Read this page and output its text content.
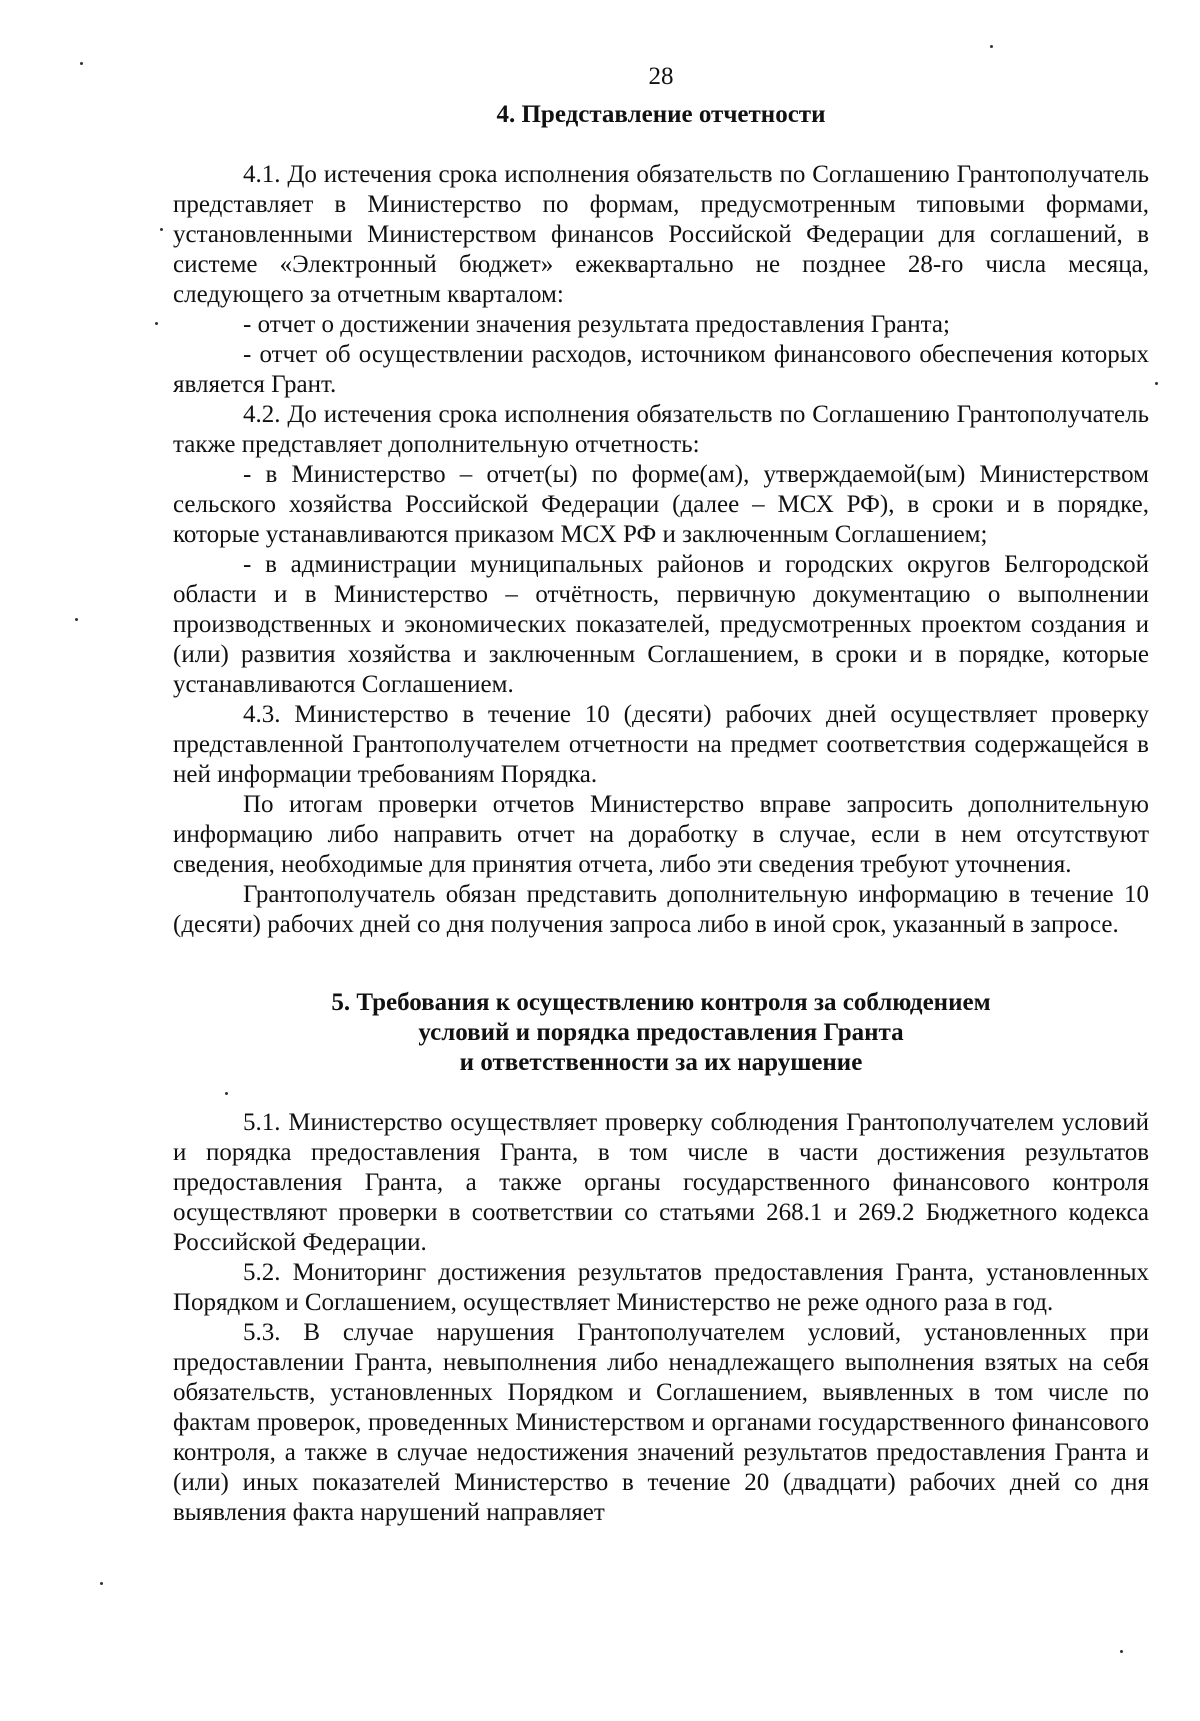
28
4. Представление отчетности

4.1. До истечения срока исполнения обязательств по Соглашению Грантополучатель представляет в Министерство по формам, предусмотренным типовыми формами, установленными Министерством финансов Российской Федерации для соглашений, в системе «Электронный бюджет» ежеквартально не позднее 28-го числа месяца, следующего за отчетным кварталом:

- отчет о достижении значения результата предоставления Гранта;

- отчет об осуществлении расходов, источником финансового обеспечения которых является Грант.

4.2. До истечения срока исполнения обязательств по Соглашению Грантополучатель также представляет дополнительную отчетность:

- в Министерство – отчет(ы) по форме(ам), утверждаемой(ым) Министерством сельского хозяйства Российской Федерации (далее – МСХ РФ), в сроки и в порядке, которые устанавливаются приказом МСХ РФ и заключенным Соглашением;

- в администрации муниципальных районов и городских округов Белгородской области и в Министерство – отчётность, первичную документацию о выполнении производственных и экономических показателей, предусмотренных проектом создания и (или) развития хозяйства и заключенным Соглашением, в сроки и в порядке, которые устанавливаются Соглашением.

4.3. Министерство в течение 10 (десяти) рабочих дней осуществляет проверку представленной Грантополучателем отчетности на предмет соответствия содержащейся в ней информации требованиям Порядка.

По итогам проверки отчетов Министерство вправе запросить дополнительную информацию либо направить отчет на доработку в случае, если в нем отсутствуют сведения, необходимые для принятия отчета, либо эти сведения требуют уточнения.

Грантополучатель обязан представить дополнительную информацию в течение 10 (десяти) рабочих дней со дня получения запроса либо в иной срок, указанный в запросе.

5. Требования к осуществлению контроля за соблюдением
условий и порядка предоставления Гранта
и ответственности за их нарушение

5.1. Министерство осуществляет проверку соблюдения Грантополучателем условий и порядка предоставления Гранта, в том числе в части достижения результатов предоставления Гранта, а также органы государственного финансового контроля осуществляют проверки в соответствии со статьями 268.1 и 269.2 Бюджетного кодекса Российской Федерации.

5.2. Мониторинг достижения результатов предоставления Гранта, установленных Порядком и Соглашением, осуществляет Министерство не реже одного раза в год.

5.3. В случае нарушения Грантополучателем условий, установленных при предоставлении Гранта, невыполнения либо ненадлежащего выполнения взятых на себя обязательств, установленных Порядком и Соглашением, выявленных в том числе по фактам проверок, проведенных Министерством и органами государственного финансового контроля, а также в случае недостижения значений результатов предоставления Гранта и (или) иных показателей Министерство в течение 20 (двадцати) рабочих дней со дня выявления факта нарушений направляет
